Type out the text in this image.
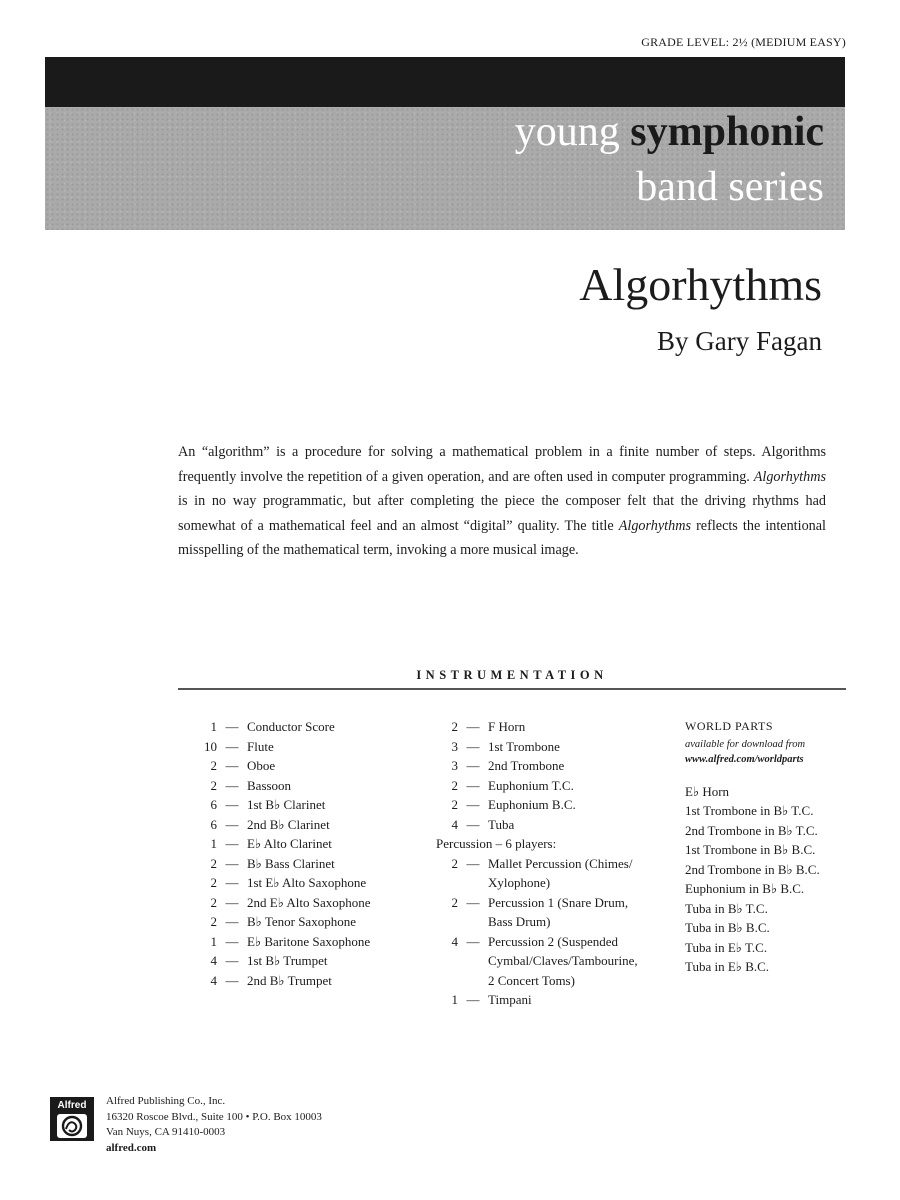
GRADE LEVEL: 2½ (MEDIUM EASY)
young symphonic
band series
Algorhythms
By Gary Fagan

An “algorithm” is a procedure for solving a mathematical problem in a finite number of steps. Algorithms frequently involve the repetition of a given operation, and are often used in computer programming. Algorhythms is in no way programmatic, but after completing the piece the composer felt that the driving rhythms had somewhat of a mathematical feel and an almost “digital” quality. The title Algorhythms reflects the intentional misspelling of the mathematical term, invoking a more musical image.

INSTRUMENTATION
1 — Conductor Score
10 — Flute
2 — Oboe
2 — Bassoon
6 — 1st B♭ Clarinet
6 — 2nd B♭ Clarinet
1 — E♭ Alto Clarinet
2 — B♭ Bass Clarinet
2 — 1st E♭ Alto Saxophone
2 — 2nd E♭ Alto Saxophone
2 — B♭ Tenor Saxophone
1 — E♭ Baritone Saxophone
4 — 1st B♭ Trumpet
4 — 2nd B♭ Trumpet
2 — F Horn
3 — 1st Trombone
3 — 2nd Trombone
2 — Euphonium T.C.
2 — Euphonium B.C.
4 — Tuba
Percussion – 6 players:
2 — Mallet Percussion (Chimes/
Xylophone)
2 — Percussion 1 (Snare Drum,
Bass Drum)
4 — Percussion 2 (Suspended
Cymbal/Claves/Tambourine,
2 Concert Toms)
1 — Timpani
WORLD PARTS
available for download from
www.alfred.com/worldparts
E♭ Horn
1st Trombone in B♭ T.C.
2nd Trombone in B♭ T.C.
1st Trombone in B♭ B.C.
2nd Trombone in B♭ B.C.
Euphonium in B♭ B.C.
Tuba in B♭ T.C.
Tuba in B♭ B.C.
Tuba in E♭ T.C.
Tuba in E♭ B.C.
Alfred	Alfred Publishing Co., Inc.
16320 Roscoe Blvd., Suite 100 • P.O. Box 10003
Van Nuys, CA 91410-0003
alfred.com
